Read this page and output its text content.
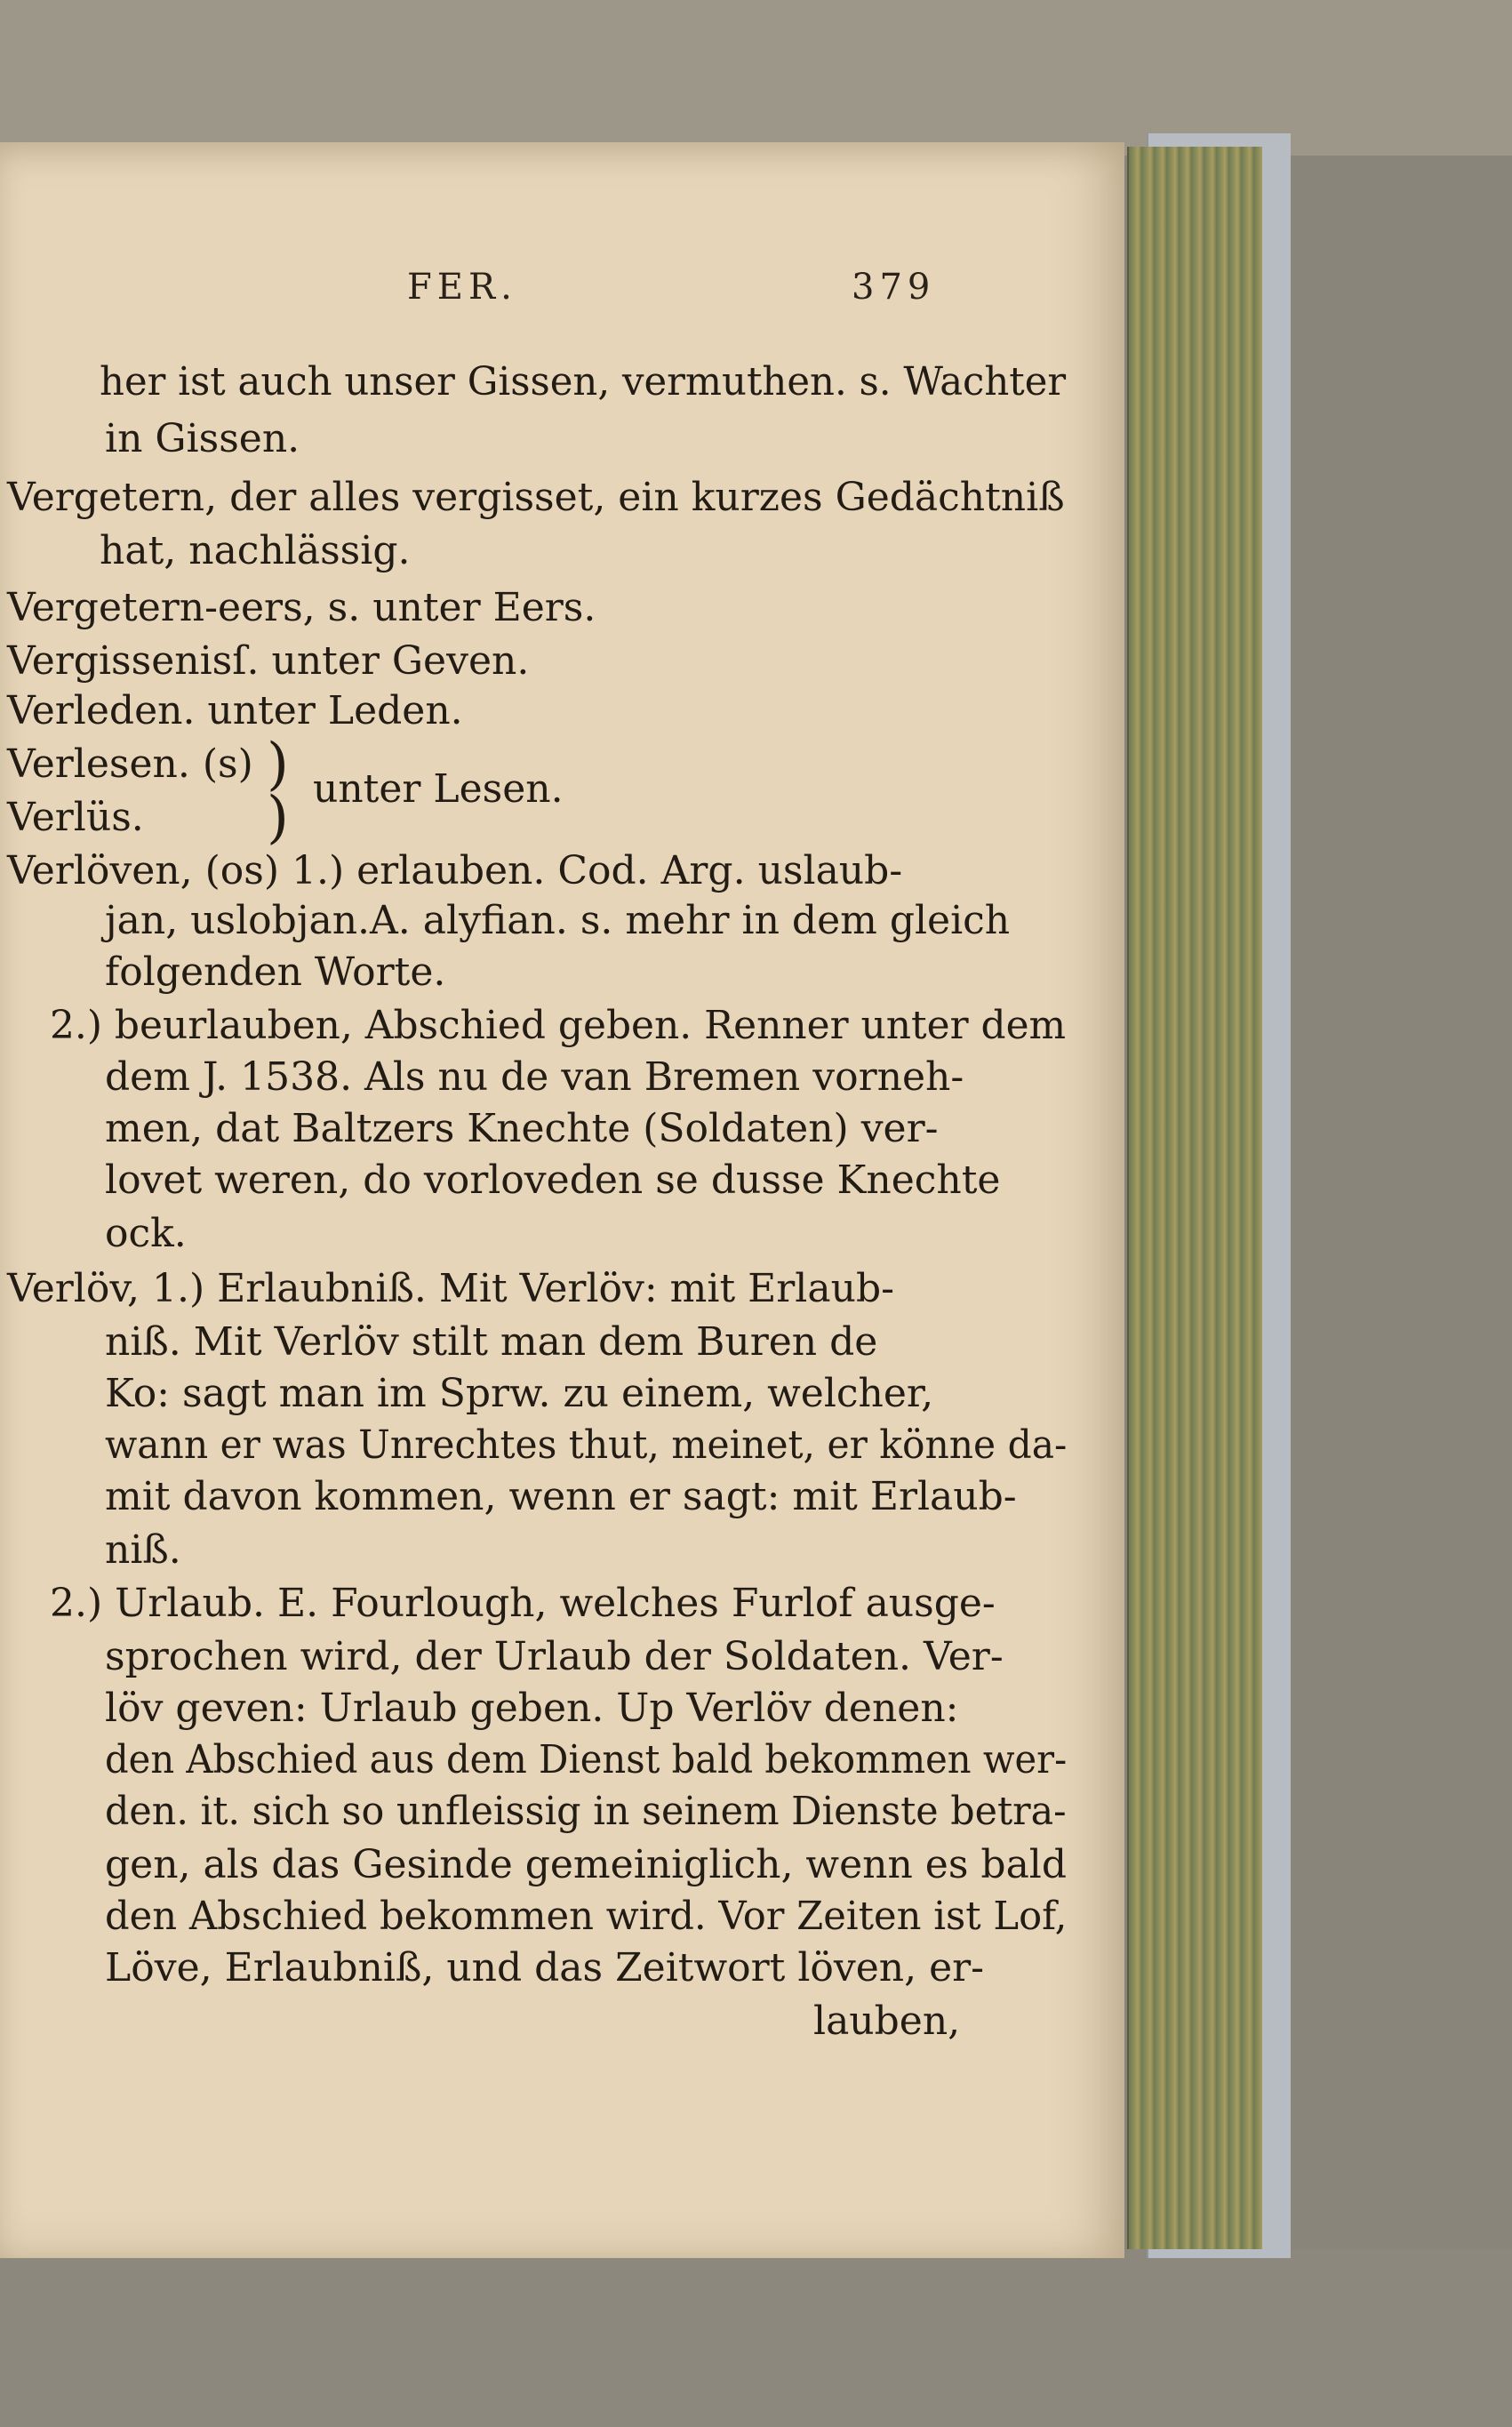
FER.	379
her ist auch unser Gissen, vermuthen. s. Wachter
in Gissen.
Vergetern, der alles vergisset, ein kurzes Gedächtniß
hat, nachlässig.
Vergetern-eers, s. unter Eers.
Vergissenisſ. unter Geven.
Verleden. unter Leden.
Verlesen. (s)
Verlüs.
)
) unter Lesen.
Verlöven, (os) 1.) erlauben. Cod. Arg. uslaub-
jan, uslobjan.A. alyfian. s. mehr in dem gleich
folgenden Worte.
2.) beurlauben, Abschied geben. Renner unter dem
dem J. 1538. Als nu de van Bremen vorneh-
men, dat Baltzers Knechte (Soldaten) ver-
lovet weren, do vorloveden se dusse Knechte
ock.
Verlöv, 1.) Erlaubniß. Mit Verlöv: mit Erlaub-
niß. Mit Verlöv stilt man dem Buren de
Ko: sagt man im Sprw. zu einem, welcher,
wann er was Unrechtes thut, meinet, er könne da-
mit davon kommen, wenn er sagt: mit Erlaub-
niß.
2.) Urlaub. E. Fourlough, welches Furlof ausge-
sprochen wird, der Urlaub der Soldaten. Ver-
löv geven: Urlaub geben. Up Verlöv denen:
den Abschied aus dem Dienst bald bekommen wer-
den. it. sich so unfleissig in seinem Dienste betra-
gen, als das Gesinde gemeiniglich, wenn es bald
den Abschied bekommen wird. Vor Zeiten ist Lof,
Löve, Erlaubniß, und das Zeitwort löven, er-
lauben,
